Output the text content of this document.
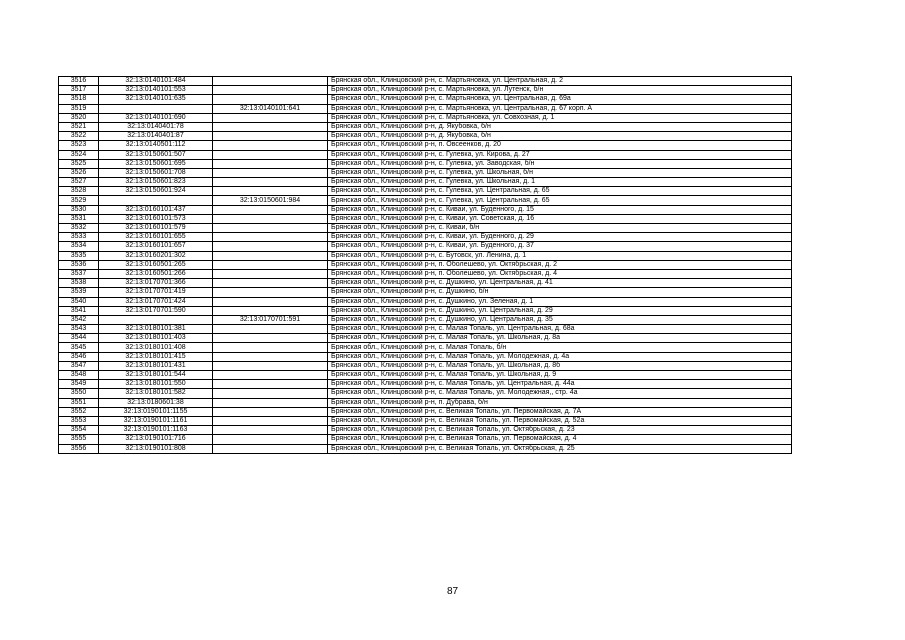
3516	32:13:0140101:484		Брянская обл., Клинцовский р-н, с. Мартьяновка, ул. Центральная, д. 2
3517	32:13:0140101:553		Брянская обл., Клинцовский р-н, с. Мартьяновка, ул. Лутенск, б/н
3518	32:13:0140101:635		Брянская обл., Клинцовский р-н, с. Мартьяновка, ул. Центральная, д. 69а
3519		32:13:0140101:641	Брянская обл., Клинцовский р-н, с. Мартьяновка, ул. Центральная, д. 67 корп. А
3520	32:13:0140101:690		Брянская обл., Клинцовский р-н, с. Мартьяновка, ул. Совхозная, д. 1
3521	32:13:0140401:78		Брянская обл., Клинцовский р-н, д. Якубовка, б/н
3522	32:13:0140401:87		Брянская обл., Клинцовский р-н, д. Якубовка, б/н
3523	32:13:0140501:112		Брянская обл., Клинцовский р-н, п. Овсеенков, д. 20
3524	32:13:0150601:507		Брянская обл., Клинцовский р-н, с. Гулевка, ул. Кирова, д. 27
3525	32:13:0150601:695		Брянская обл., Клинцовский р-н, с. Гулевка, ул. Заводская, б/н
3526	32:13:0150601:708		Брянская обл., Клинцовский р-н, с. Гулевка, ул. Школьная, б/н
3527	32:13:0150601:823		Брянская обл., Клинцовский р-н, с. Гулевка, ул. Школьная, д. 1
3528	32:13:0150601:924		Брянская обл., Клинцовский р-н, с. Гулевка, ул. Центральная, д. 65
3529		32:13:0150601:984	Брянская обл., Клинцовский р-н, с. Гулевка, ул. Центральная, д. 65
3530	32:13:0160101:437		Брянская обл., Клинцовский р-н, с. Киваи, ул. Буденного, д. 15
3531	32:13:0160101:573		Брянская обл., Клинцовский р-н, с. Киваи, ул. Советская, д. 16
3532	32:13:0160101:579		Брянская обл., Клинцовский р-н, с. Киваи, б/н
3533	32:13:0160101:655		Брянская обл., Клинцовский р-н, с. Киваи, ул. Буденного, д. 29
3534	32:13:0160101:657		Брянская обл., Клинцовский р-н, с. Киваи, ул. Буденного, д. 37
3535	32:13:0160201:302		Брянская обл., Клинцовский р-н, с. Бутовск, ул. Ленина, д. 1
3536	32:13:0160501:265		Брянская обл., Клинцовский р-н, п. Оболешево, ул. Октябрьская, д. 2
3537	32:13:0160501:266		Брянская обл., Клинцовский р-н, п. Оболешево, ул. Октябрьская, д. 4
3538	32:13:0170701:366		Брянская обл., Клинцовский р-н, с. Душкино, ул. Центральная, д. 41
3539	32:13:0170701:419		Брянская обл., Клинцовский р-н, с. Душкино, б/н
3540	32:13:0170701:424		Брянская обл., Клинцовский р-н, с. Душкино, ул. Зеленая, д. 1
3541	32:13:0170701:590		Брянская обл., Клинцовский р-н, с. Душкино, ул. Центральная, д. 29
3542		32:13:0170701:591	Брянская обл., Клинцовский р-н, с. Душкино, ул. Центральная, д. 35
3543	32:13:0180101:381		Брянская обл., Клинцовский р-н, с. Малая Топаль, ул. Центральная, д. 68а
3544	32:13:0180101:403		Брянская обл., Клинцовский р-н, с. Малая Топаль, ул. Школьная, д. 8а
3545	32:13:0180101:408		Брянская обл., Клинцовский р-н, с. Малая Топаль, б/н
3546	32:13:0180101:415		Брянская обл., Клинцовский р-н, с. Малая Топаль, ул. Молодежная, д. 4а
3547	32:13:0180101:431		Брянская обл., Клинцовский р-н, с. Малая Топаль, ул. Школьная, д. 8б
3548	32:13:0180101:544		Брянская обл., Клинцовский р-н, с. Малая Топаль, ул. Школьная, д. 9
3549	32:13:0180101:550		Брянская обл., Клинцовский р-н, с. Малая Топаль, ул. Центральная, д. 44а
3550	32:13:0180101:582		Брянская обл., Клинцовский р-н, с. Малая Топаль, ул. Молодежная,, стр. 4а
3551	32:13:0180601:38		Брянская обл., Клинцовский р-н, п. Дубрава, б/н
3552	32:13:0190101:1155		Брянская обл., Клинцовский р-н, с. Великая Топаль, ул. Первомайская, д. 7А
3553	32:13:0190101:1161		Брянская обл., Клинцовский р-н, с. Великая Топаль, ул. Первомайская, д. 52а
3554	32:13:0190101:1163		Брянская обл., Клинцовский р-н, с. Великая Топаль, ул. Октябрьская, д. 23
3555	32:13:0190101:716		Брянская обл., Клинцовский р-н, с. Великая Топаль, ул. Первомайская, д. 4
3556	32:13:0190101:808		Брянская обл., Клинцовский р-н, с. Великая Топаль, ул. Октябрьская, д. 25
87
